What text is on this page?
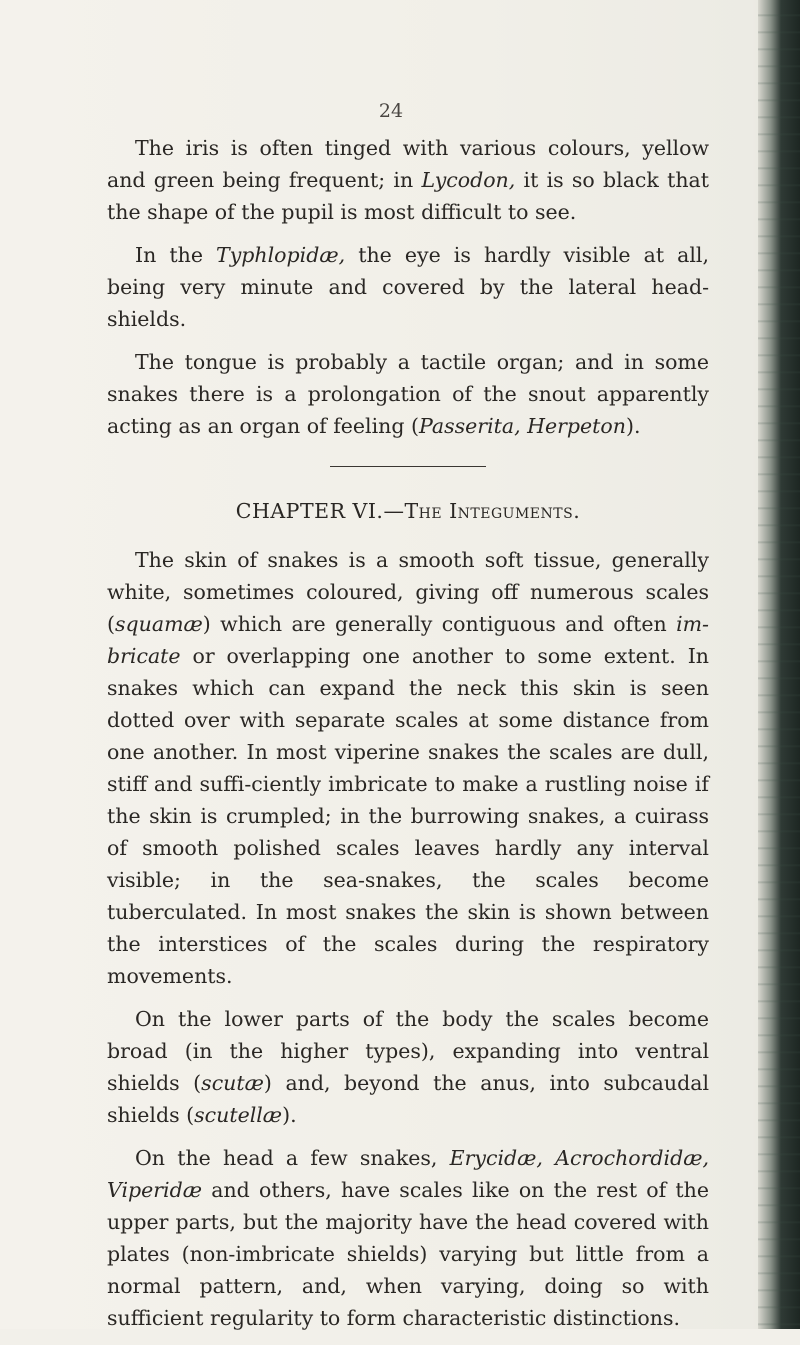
24

The iris is often tinged with various colours, yellow and green being frequent; in Lycodon, it is so black that the shape of the pupil is most difficult to see.

In the Typhlopidæ, the eye is hardly visible at all, being very minute and covered by the lateral head-shields.

The tongue is probably a tactile organ; and in some snakes there is a prolongation of the snout apparently acting as an organ of feeling (Passerita, Herpeton).

CHAPTER VI.—The Integuments.

The skin of snakes is a smooth soft tissue, generally white, sometimes coloured, giving off numerous scales (squamæ) which are generally contiguous and often im-bricate or overlapping one another to some extent. In snakes which can expand the neck this skin is seen dotted over with separate scales at some distance from one another. In most viperine snakes the scales are dull, stiff and suffi-ciently imbricate to make a rustling noise if the skin is crumpled; in the burrowing snakes, a cuirass of smooth polished scales leaves hardly any interval visible; in the sea-snakes, the scales become tuberculated. In most snakes the skin is shown between the interstices of the scales during the respiratory movements.

On the lower parts of the body the scales become broad (in the higher types), expanding into ventral shields (scutæ) and, beyond the anus, into subcaudal shields (scutellæ).

On the head a few snakes, Erycidæ, Acrochordidæ, Viperidæ and others, have scales like on the rest of the upper parts, but the majority have the head covered with plates (non-imbricate shields) varying but little from a normal pattern, and, when varying, doing so with sufficient regularity to form characteristic distinctions.
